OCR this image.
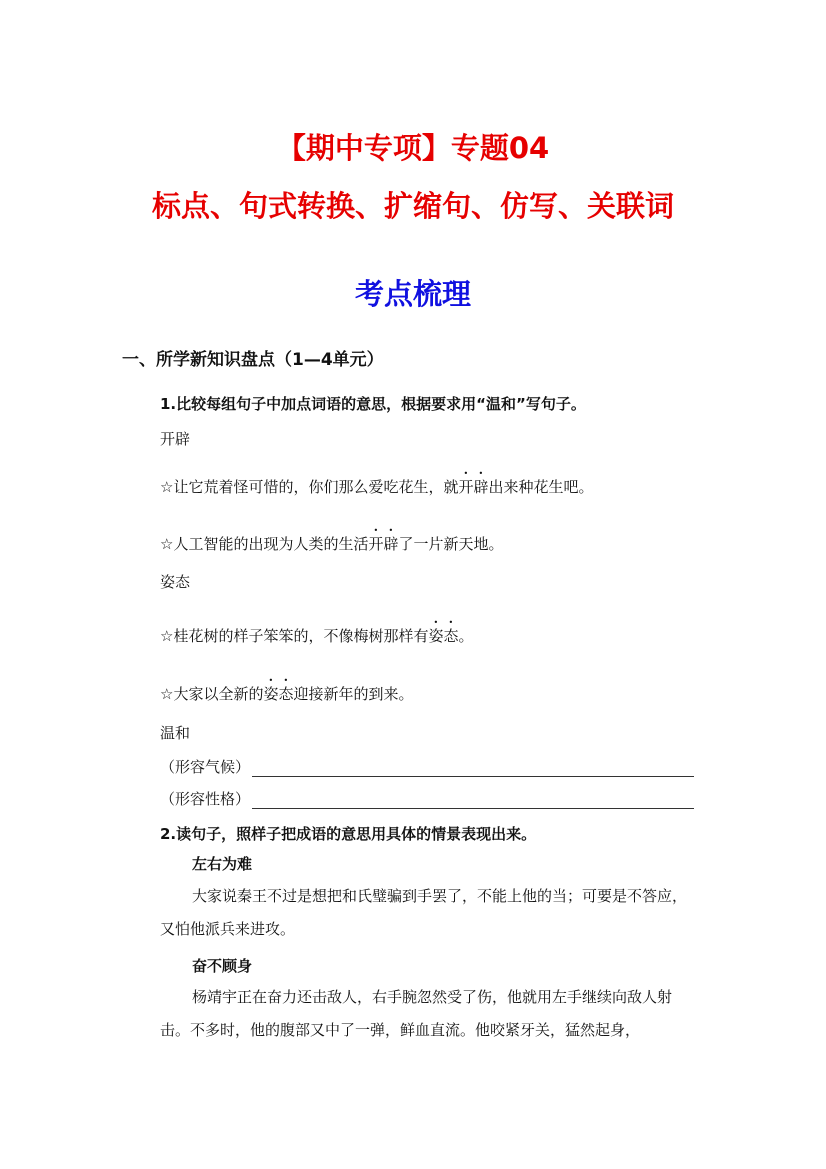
【期中专项】专题04
标点、句式转换、扩缩句、仿写、关联词
考点梳理
一、所学新知识盘点（1—4单元）
1.比较每组句子中加点词语的意思，根据要求用“温和”写句子。
开辟
☆让它荒着怪可惜的，你们那么爱吃花生，就开辟出来种花生吧。
☆人工智能的出现为人类的生活开辟了一片新天地。
姿态
☆桂花树的样子笨笨的，不像梅树那样有姿态。
☆大家以全新的姿态迎接新年的到来。
温和
（形容气候）
（形容性格）
2.读句子，照样子把成语的意思用具体的情景表现出来。
左右为难
大家说秦王不过是想把和氏璧骗到手罢了，不能上他的当；可要是不答应，又怕他派兵来进攻。
奋不顾身
杨靖宇正在奋力还击敌人，右手腕忽然受了伤，他就用左手继续向敌人射击。不多时，他的腹部又中了一弹，鲜血直流。他咬紧牙关，猛然起身，
